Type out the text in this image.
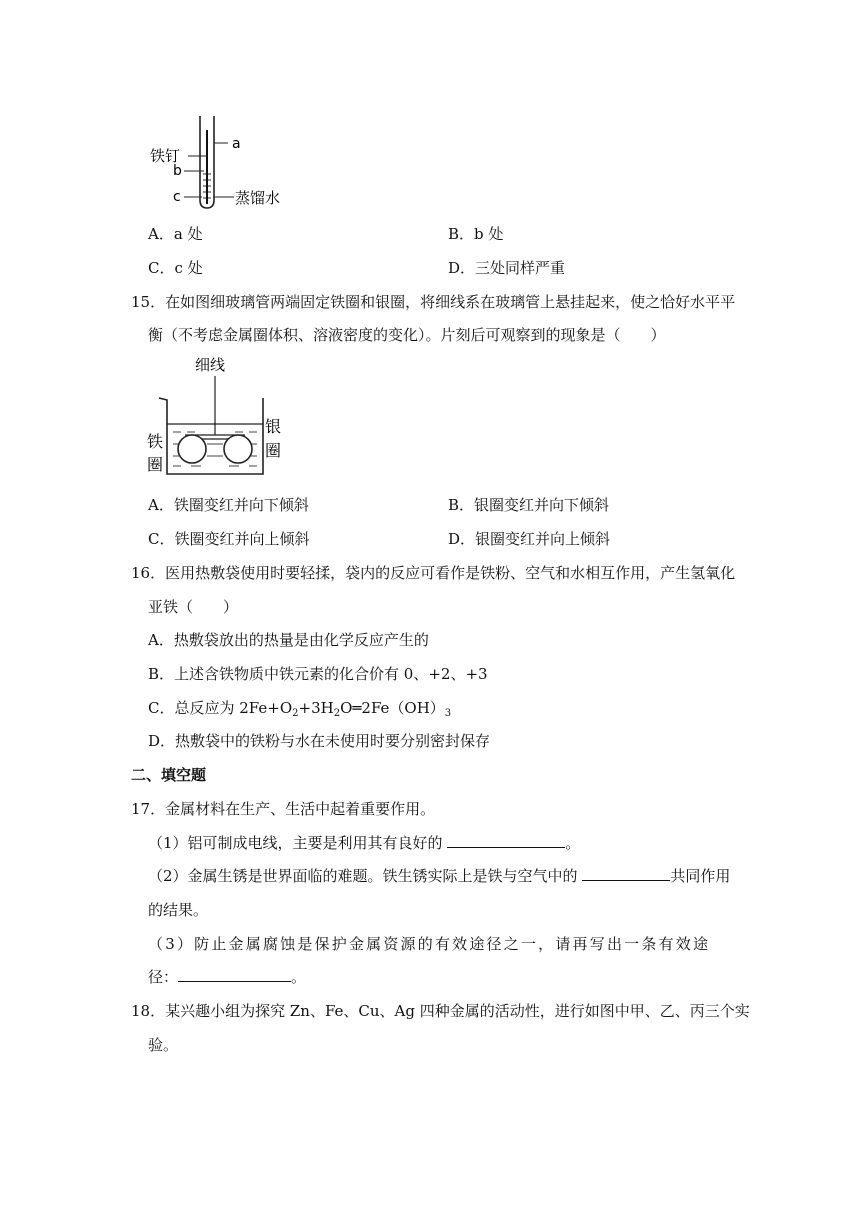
a
铁钉
b
c	蒸馏水
A．a 处	B．b 处
C．c 处	D．三处同样严重
15．在如图细玻璃管两端固定铁圈和银圈，将细线系在玻璃管上悬挂起来，使之恰好水平平
衡（不考虑金属圈体积、溶液密度的变化）。片刻后可观察到的现象是（　　）
细线
铁
圈
银
圈
A．铁圈变红并向下倾斜	B．银圈变红并向下倾斜
C．铁圈变红并向上倾斜	D．银圈变红并向上倾斜
16．医用热敷袋使用时要轻揉，袋内的反应可看作是铁粉、空气和水相互作用，产生氢氧化
亚铁（　　）
A．热敷袋放出的热量是由化学反应产生的
B．上述含铁物质中铁元素的化合价有 0、+2、+3
C．总反应为 $2Fe+O_2+3H_2O═2Fe(OH)_3$
D．热敷袋中的铁粉与水在未使用时要分别密封保存
二、填空题
17．金属材料在生产、生活中起着重要作用。
（1）铝可制成电线，主要是利用其有良好的	。
（2）金属生锈是世界面临的难题。铁生锈实际上是铁与空气中的	共同作用
的结果。
（3）防止金属腐蚀是保护金属资源的有效途径之一，请再写出一条有效途
径：	。
18．某兴趣小组为探究 Zn、Fe、Cu、Ag 四种金属的活动性，进行如图中甲、乙、丙三个实
验。
